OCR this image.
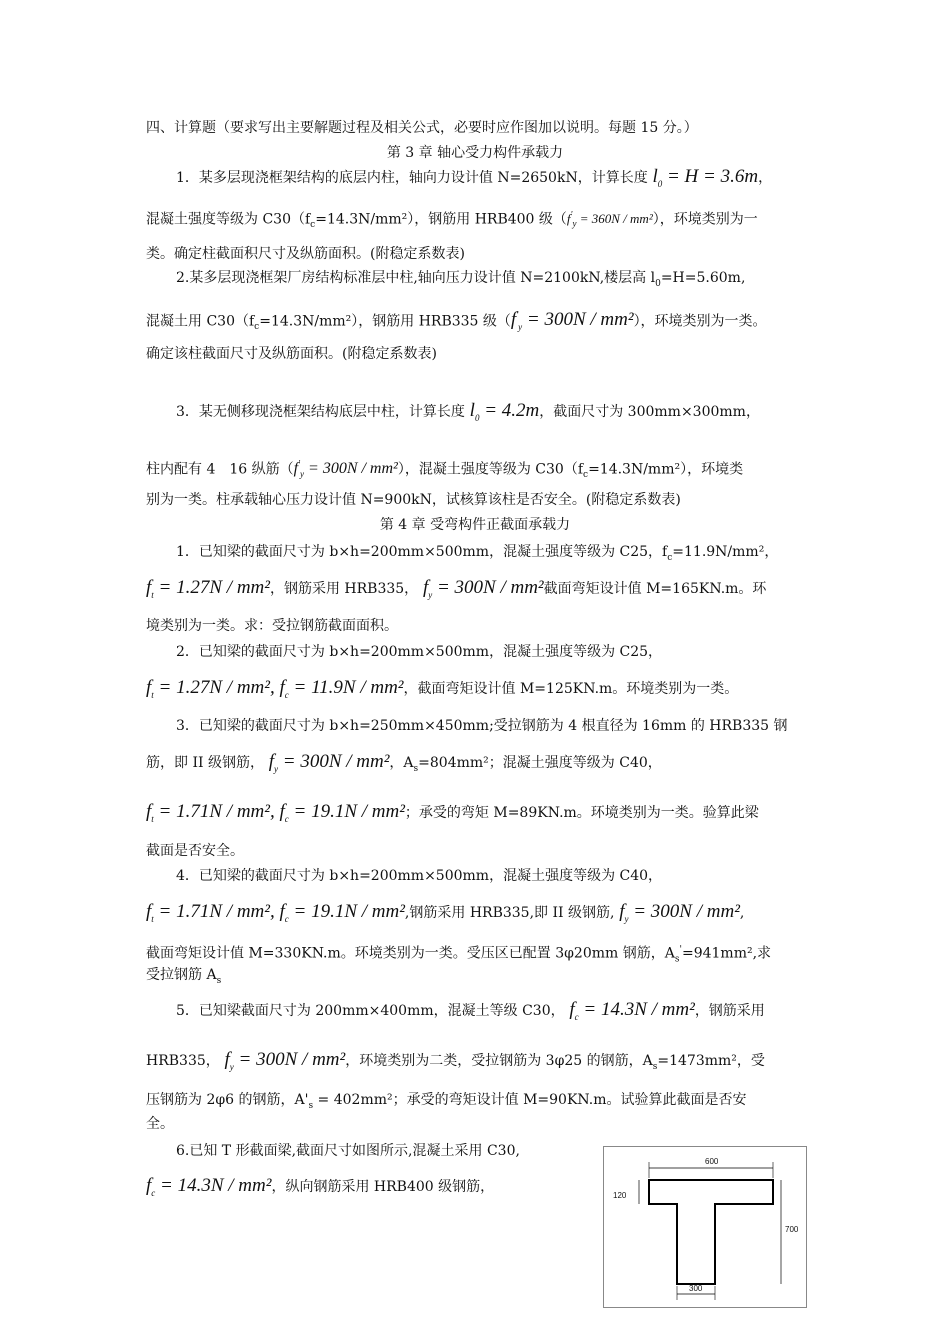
四、计算题（要求写出主要解题过程及相关公式，必要时应作图加以说明。每题 15 分。）
第 3 章 轴心受力构件承载力
1．某多层现浇框架结构的底层内柱，轴向力设计值 N=2650kN，计算长度 $l_0 = H = 3.6m$，
混凝土强度等级为 $C30(f_c=14.3N/mm^2)$，钢筋用 HRB400 级$(f'_y = 360N / mm^2)$，环境类别为一
类。确定柱截面积尺寸及纵筋面积。(附稳定系数表)
2.某多层现浇框架厂房结构标准层中柱,轴向压力设计值 N=2100kN,楼层高 $l_0=H=5.60m$,
混凝土用 $C30(f_c=14.3N/mm^2)$，钢筋用 HRB335 级$(f'_y = 300N / mm^2)$，环境类别为一类。
确定该柱截面尺寸及纵筋面积。(附稳定系数表)
3．某无侧移现浇框架结构底层中柱，计算长度 $l_0 = 4.2m$，截面尺寸为 300mm×300mm，
柱内配有 4　16 纵筋$(f'_y = 300N / mm^2)$，混凝土强度等级为 $C30(f_c=14.3N/mm^2)$，环境类
别为一类。柱承载轴心压力设计值 N=900kN，试核算该柱是否安全。(附稳定系数表)
第 4 章 受弯构件正截面承载力
1．已知梁的截面尺寸为 b×h=200mm×500mm，混凝土强度等级为 C25，$f_c=11.9N$/mm²，
$f_t = 1.27N / mm^2$，钢筋采用 HRB335， $f_y = 300N / mm^2$截面弯矩设计值 M=165KN.m。环
境类别为一类。求：受拉钢筋截面面积。
2．已知梁的截面尺寸为 b×h=200mm×500mm，混凝土强度等级为 C25，
$f_t = 1.27N / mm^2$, $f_c = 11.9N / mm^2$，截面弯矩设计值 M=125KN.m。环境类别为一类。
3．已知梁的截面尺寸为 b×h=250mm×450mm;受拉钢筋为 4 根直径为 16mm 的 HRB335 钢
筋，即 II 级钢筋， $f_y = 300N / mm^2$，$A_s=804mm^2$；混凝土强度等级为 C40，
$f_t = 1.71N / mm^2$, $f_c = 19.1N / mm^2$；承受的弯矩 M=89KN.m。环境类别为一类。验算此梁
截面是否安全。
4．已知梁的截面尺寸为 b×h=200mm×500mm，混凝土强度等级为 C40，
$f_t = 1.71N / mm^2$, $f_c = 19.1N / mm^2$,钢筋采用 HRB335,即 II 级钢筋, $f_y = 300N / mm^2$,
截面弯矩设计值 M=330KN.m。环境类别为一类。受压区已配置 3φ20mm 钢筋，$A_s'=941mm^2$,求
受拉钢筋 $A_s$
5．已知梁截面尺寸为 200mm×400mm，混凝土等级 C30， $f_c = 14.3N / mm^2$，钢筋采用
HRB335， $f_y = 300N / mm^2$，环境类别为二类，受拉钢筋为 3φ25 的钢筋，$A_s=1473mm^2$，受
压钢筋为 2φ6 的钢筋，$A'_s = 402mm^2$；承受的弯矩设计值 M=90KN.m。试验算此截面是否安
全。
6.已知 T 形截面梁,截面尺寸如图所示,混凝土采用 C30,
$f_c = 14.3N / mm^2$，纵向钢筋采用 HRB400 级钢筋，
600
120
700
300
